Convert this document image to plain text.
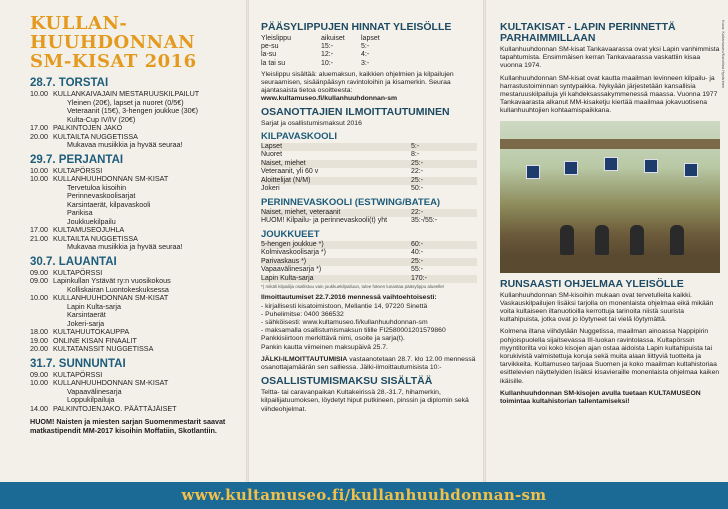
KULLAN-
HUUHDONNAN
SM-KISAT 2016
28.7. TORSTAI
10.00 KULLANKAIVAJAIN MESTARUUSKILPAILUT
Yleinen (20€), lapset ja nuoret (0/5€)
Veteraanit (15€), 3-hengen joukkue (30€)
Kulta-Cup IV/IV (20€)
17.00 PALKINTOJEN JAKO
20.00 KULTAILTA NUGGETISSA
Mukavaa musiikkia ja hyvää seuraa!
29.7. PERJANTAI
10.00 KULTAPÖRSSI
10.00 KULLANHUUHDONNAN SM-KISAT
Tervetuloa kisoihin
Perinnevaskoolisarjat
Karsintaerät, kilpavaskooli
Parikisa
Joukkuekilpailu
17.00 KULTAMUSEOJUHLA
21.00 KULTAILTA NUGGETISSA
Mukavaa musiikkia ja hyvää seuraa!
30.7. LAUANTAI
09.00 KULTAPÖRSSI
09.00 Lapinkullan Ystävät ry:n vuosikokous
Kolliskairan Luontokeskuksessa
10.00 KULLANHUUHDONNAN SM-KISAT
Lapin Kulta-sarja
Karsintaerät
Jokeri-sarja
18.00 KULTAHUUTOKAUPPA
19.00 ONLINE KISAN FINAALIT
20.00 KULTATANSSIT NUGGETISSA
31.7. SUNNUNTAI
09.00 KULTAPÖRSSI
10.00 KULLANHUUHDONNAN SM-KISAT
Vapaavälinesarja
Loppukilpailuja
14.00 PALKINTOJENJAKO. PÄÄTTÄJÄISET
HUOM! Naisten ja miesten sarjan Suomenmestarit saavat matkastipendit MM-2017 kisoihin Moffatiin, Skotlantiin.
PÄÄSYLIPPUJEN HINNAT YLEISÖLLE
Yleislippu	aikuiset	lapset
pe-su	15:-	5:-
la-su	12:-	4:-
la tai su	10:-	3:-
Yleislippu sisältää: aluemaksun, kaikkien ohjelmien ja kilpailujen seuraamisen, sisäänpääsyn ravintoloihin ja kisamerkin. Seuraa ajantasaista tietoa osoitteesta:
www.kultamuseo.fi/kullanhuuhdonnan-sm
OSANOTTAJIEN ILMOITTAUTUMINEN
Sarjat ja osallistumismaksut 2016
KILPAVASKOOLI
Lapset	5:-
Nuoret	8:-
Naiset, miehet	25:-
Veteraanit, yli 60 v	22:-
Aloittelijat (N/M)	25:-
Jokeri	50:-
PERINNEVASKOOLI (ESTWING/BATEA)
Naiset, miehet, veteraanit	22:-
HUOM! Kilpailu- ja perinnevaskooli(t) yht	35:-/55:-
JOUKKUEET
5-hengen joukkue *)	60:-
Kolmivaskoolisarja *)	40:-
Parivaskaus *)	25:-
Vapaavälinesarja *)	55:-
Lapin Kulta-sarja	170:-
*) mikäli kilpailija osallistuu vain joukkuekilpailuun, tulee hänen lunastaa pääsylippu alueelle!
Ilmoittautumiset 22.7.2016 mennessä vaihtoehtoisesti:
- kirjallisesti kisatoimistoon, Mellantie 14, 97220 Sinettä
- Puhelimitse: 0400 366532
- sähköisesti: www.kultamuseo.fi/kullanhuuhdonnan-sm
- maksamalla osallistumismaksun tilille FI2580001201579860
Pankkisiirtoon merkittävä nimi, osoite ja sarja(t).
Pankin kautta viimeinen maksupäivä 25.7.
JÄLKI-ILMOITTAUTUMISIA vastaanotetaan 28.7. klo 12.00 mennessä osanottajamäärän sen salliessa. Jälki-ilmoittautumisista 10:-
OSALLISTUMISMAKSU SISÄLTÄÄ
Teltta- tai caravanpaikan Kultakeirissä 28.-31.7, hihamerkin, kilpailijatuumoksen, löydetyt hiput putkineen, pinssin ja diplomin sekä viihdeohjelmat.
KULTAKISAT - LAPIN PERINNETTÄ PARHAIMMILLAAN
Kullanhuuhdonnan SM-kisat Tankavaarassa ovat yksi Lapin vanhimmista tapahtumista. Ensimmäisen kerran Tankavaarassa vaskattiin kisaa vuonna 1974.
Kullanhuuhdonnan SM-kisat ovat kautta maailman levinneen kilpailu- ja harrastustoiminnan syntypaikka. Nykyään järjestetään kansallisia mestaruuskilpailuja yli kahdeksassakymmenessä maassa. Vuonna 1977 Tankavaarasta alkanut MM-kisaketju kiertää maailmaa jokavuotisena kullanhuuhtojien kohtaamispaikkana.
Kuva: Kultamuseo/Karoliina Hyvärinen
RUNSAASTI OHJELMAA YLEISÖLLE
Kullanhuuhdonnan SM-kisoihin mukaan ovat tervetulleita kaikki. Vaskauskilpailujen lisäksi tarjolla on monenlaista ohjelmaa eikä mikään voita kultaiseen iltanuotioilla kerrottuja tarinoita niistä suurista kultahipuista, jotka ovat jo löytyneet tai vielä löytymättä.
Kolmena iltana viihdytään Nuggetissa, maailman ainoassa Nappipirin pohjoispuolella sijaitsevassa III-luokan ravintolassa. Kultapörssin myyntitorilta voi koko kisojen ajan ostaa aidoista Lapin kultahipuista tai korukivistä valmistettuja koruja sekä muita alaan liittyviä tuotteita ja tarvikkeita. Kultamuseo tarjoaa Suomen ja koko maailman kultahistoriaa esittelevien näyttelyiden lisäksi kisavieraille monenlaista ohjelmaa kaiken ikäisille.
Kullanhuuhdonnan SM-kisojen avulla tuetaan KULTAMUSEON toimintaa kultahistorian tallentamiseksi!
www.kultamuseo.fi/kullanhuuhdonnan-sm
